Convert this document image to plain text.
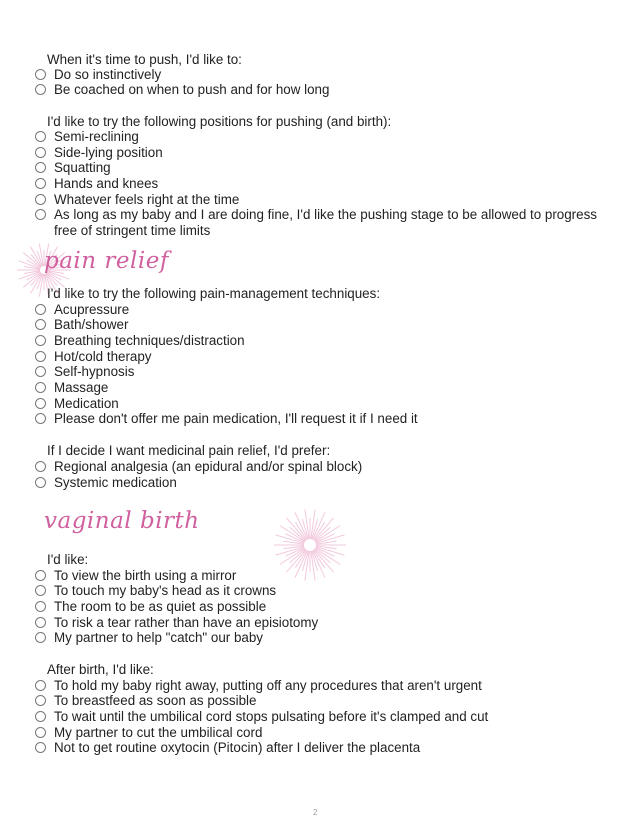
When it's time to push, I'd like to:
Do so instinctively
Be coached on when to push and for how long
I'd like to try the following positions for pushing (and birth):
Semi-reclining
Side-lying position
Squatting
Hands and knees
Whatever feels right at the time
As long as my baby and I are doing fine, I'd like the pushing stage to be allowed to progress free of stringent time limits
pain relief
I'd like to try the following pain-management techniques:
Acupressure
Bath/shower
Breathing techniques/distraction
Hot/cold therapy
Self-hypnosis
Massage
Medication
Please don't offer me pain medication, I'll request it if I need it
If I decide I want medicinal pain relief, I'd prefer:
Regional analgesia (an epidural and/or spinal block)
Systemic medication
vaginal birth
I'd like:
To view the birth using a mirror
To touch my baby's head as it crowns
The room to be as quiet as possible
To risk a tear rather than have an episiotomy
My partner to help "catch" our baby
After birth, I'd like:
To hold my baby right away, putting off any procedures that aren't urgent
To breastfeed as soon as possible
To wait until the umbilical cord stops pulsating before it's clamped and cut
My partner to cut the umbilical cord
Not to get routine oxytocin (Pitocin) after I deliver the placenta
2
